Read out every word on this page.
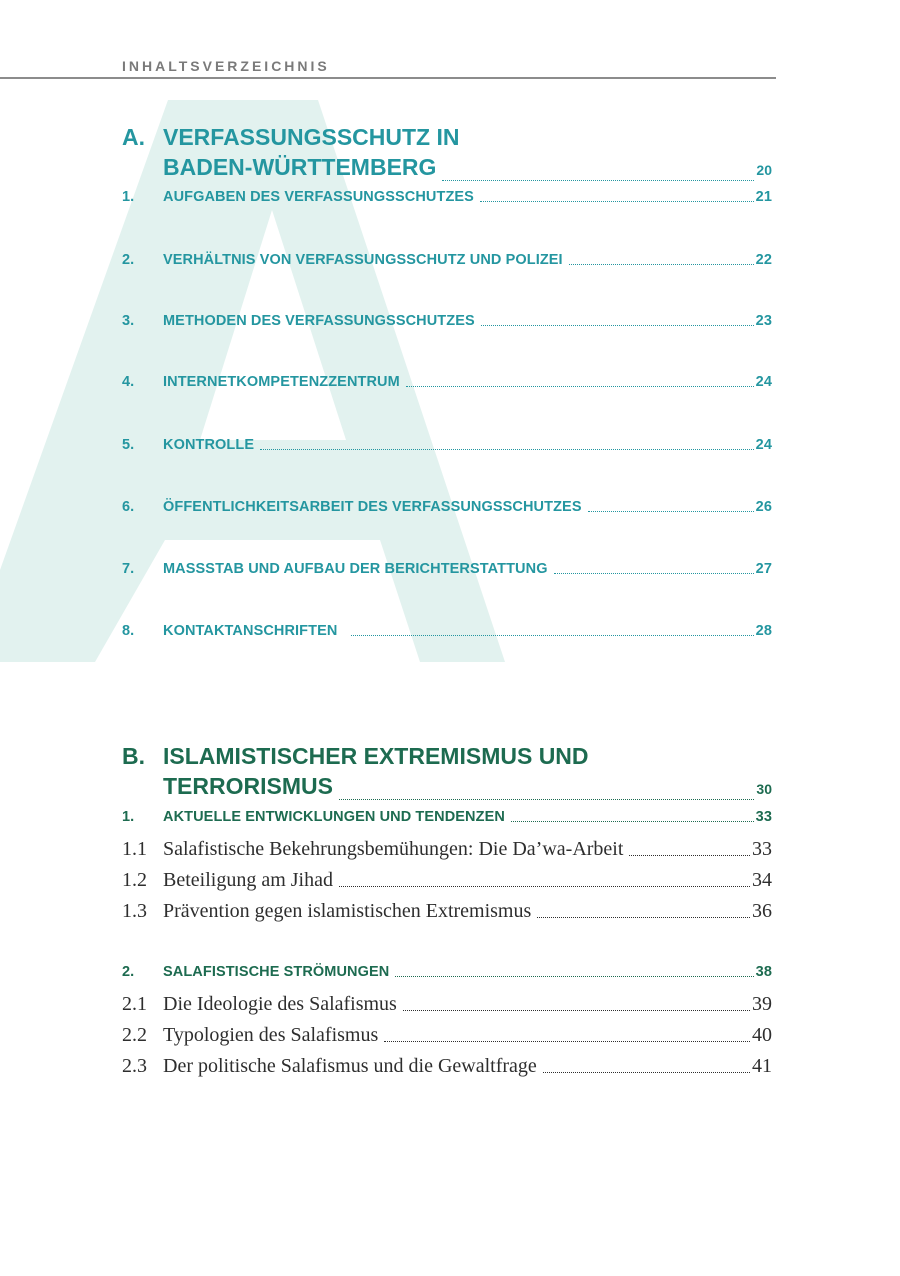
INHALTSVERZEICHNIS
A. VERFASSUNGSSCHUTZ IN
BADEN-WÜRTTEMBERG	20
1.	AUFGABEN DES VERFASSUNGSSCHUTZES	21
2.	VERHÄLTNIS VON VERFASSUNGSSCHUTZ UND POLIZEI	22
3.	METHODEN DES VERFASSUNGSSCHUTZES	23
4.	INTERNETKOMPETENZZENTRUM	24
5.	KONTROLLE	24
6.	ÖFFENTLICHKEITSARBEIT DES VERFASSUNGSSCHUTZES	26
7.	MASSSTAB UND AUFBAU DER BERICHTERSTATTUNG	27
8.	KONTAKTANSCHRIFTEN	28
B. ISLAMISTISCHER EXTREMISMUS UND
TERRORISMUS	30
1.	AKTUELLE ENTWICKLUNGEN UND TENDENZEN	33
1.1 Salafistische Bekehrungsbemühungen: Die Da’wa-Arbeit	33
1.2 Beteiligung am Jihad	34
1.3 Prävention gegen islamistischen Extremismus	36
2.	SALAFISTISCHE STRÖMUNGEN	38
2.1 Die Ideologie des Salafismus	39
2.2 Typologien des Salafismus	40
2.3 Der politische Salafismus und die Gewaltfrage	41
